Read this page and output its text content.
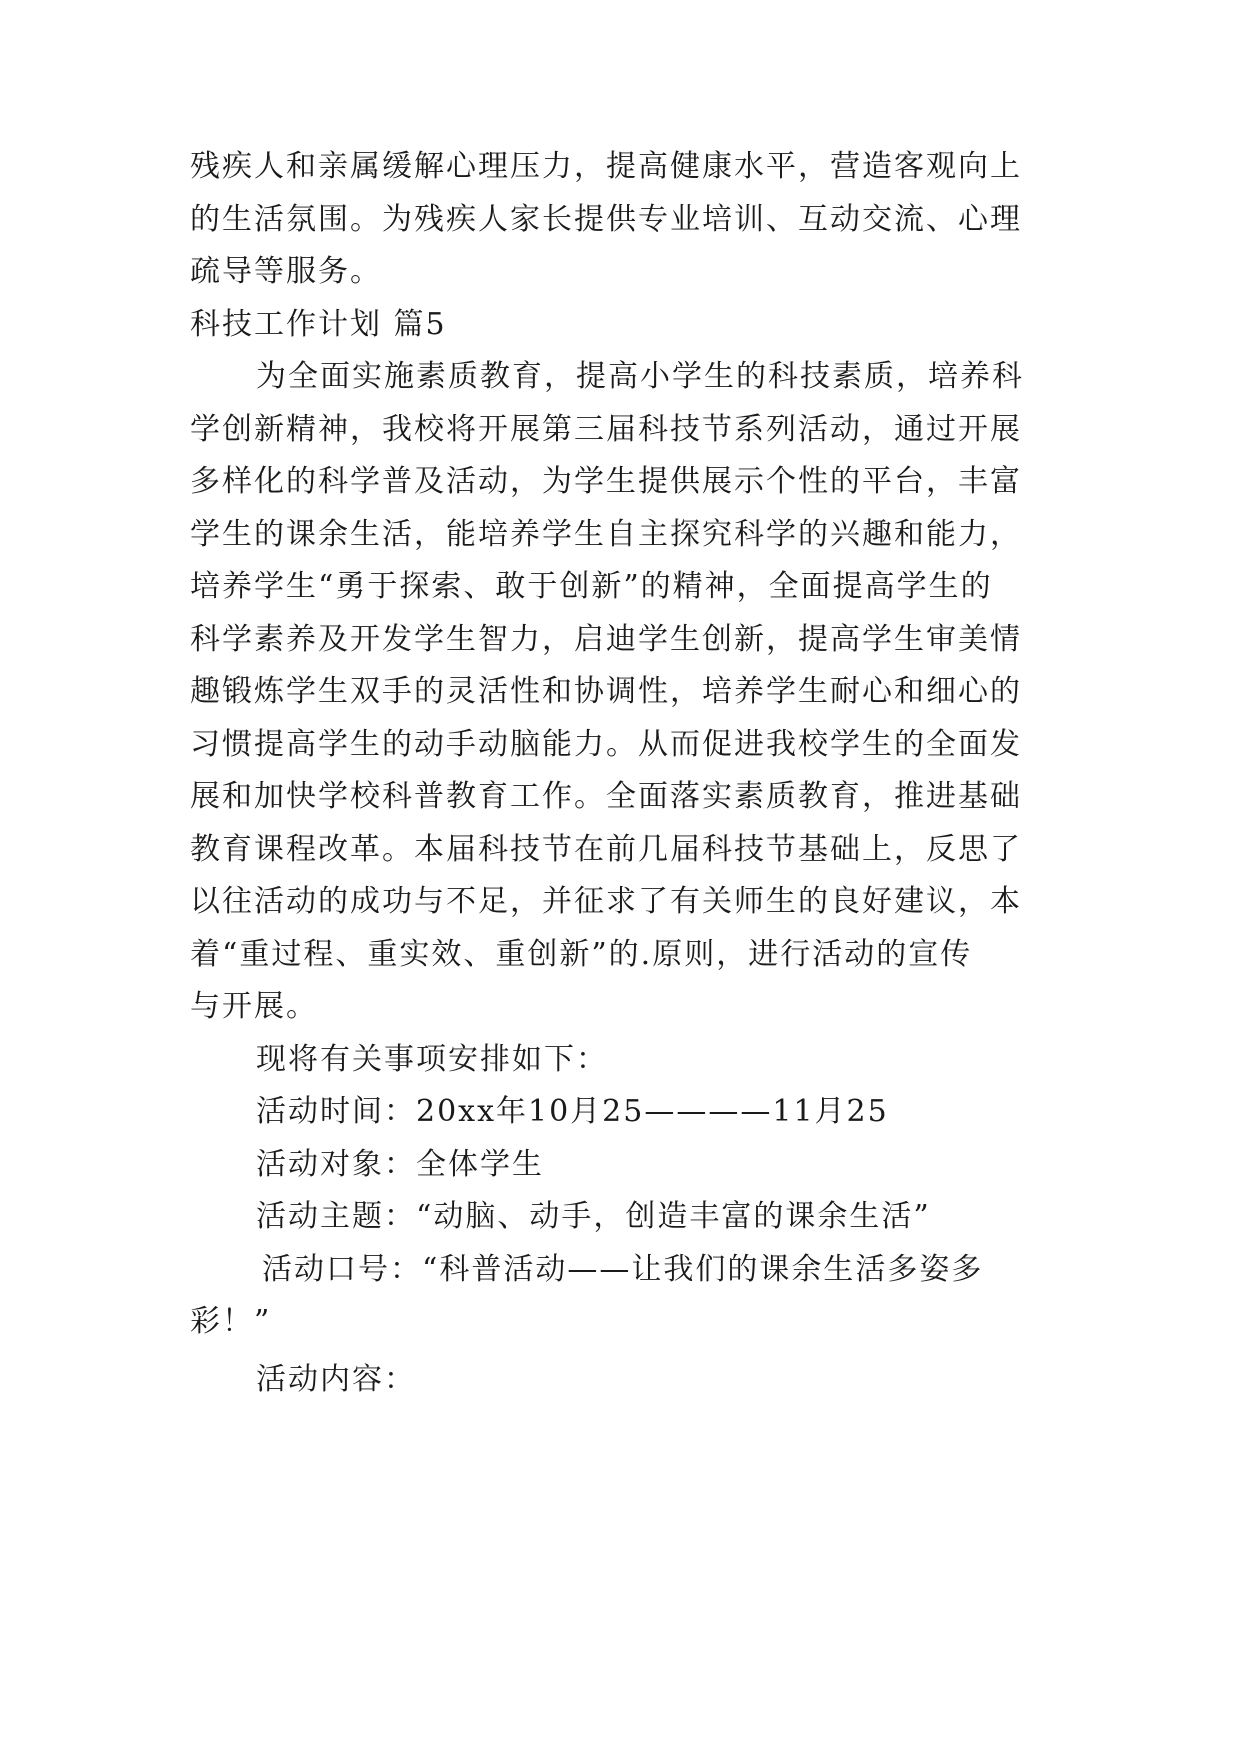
残疾人和亲属缓解心理压力，提高健康水平，营造客观向上
的生活氛围。为残疾人家长提供专业培训、互动交流、心理
疏导等服务。
科技工作计划 篇5
为全面实施素质教育，提高小学生的科技素质，培养科
学创新精神，我校将开展第三届科技节系列活动，通过开展
多样化的科学普及活动，为学生提供展示个性的平台，丰富
学生的课余生活，能培养学生自主探究科学的兴趣和能力，
培养学生“勇于探索、敢于创新”的精神，全面提高学生的
科学素养及开发学生智力，启迪学生创新，提高学生审美情
趣锻炼学生双手的灵活性和协调性，培养学生耐心和细心的
习惯提高学生的动手动脑能力。从而促进我校学生的全面发
展和加快学校科普教育工作。全面落实素质教育，推进基础
教育课程改革。本届科技节在前几届科技节基础上，反思了
以往活动的成功与不足，并征求了有关师生的良好建议，本
着“重过程、重实效、重创新”的.原则，进行活动的宣传
与开展。
现将有关事项安排如下：
活动时间：20xx年10月25————11月25
活动对象：全体学生
活动主题：“动脑、动手，创造丰富的课余生活”
活动口号：“科普活动——让我们的课余生活多姿多
彩！”
活动内容：
